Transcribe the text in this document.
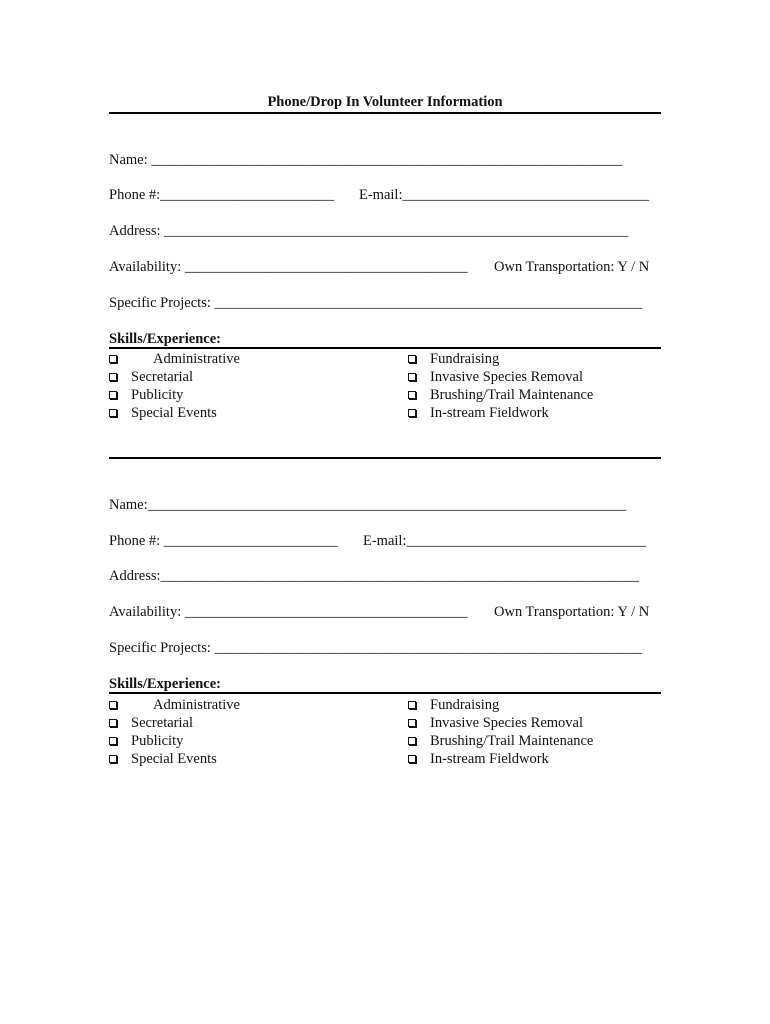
Phone/Drop In Volunteer Information
Name: _________________________________________________________________
Phone #:________________________ E-mail:__________________________________
Address: ________________________________________________________________
Availability: _______________________________________ Own Transportation: Y / N
Specific Projects: ___________________________________________________________
Skills/Experience:
Administrative
Secretarial
Publicity
Special Events
Fundraising
Invasive Species Removal
Brushing/Trail Maintenance
In-stream Fieldwork
Name:__________________________________________________________________
Phone #: ________________________ E-mail:_________________________________
Address:__________________________________________________________________
Availability: _______________________________________ Own Transportation: Y / N
Specific Projects: ___________________________________________________________
Skills/Experience:
Administrative
Secretarial
Publicity
Special Events
Fundraising
Invasive Species Removal
Brushing/Trail Maintenance
In-stream Fieldwork
